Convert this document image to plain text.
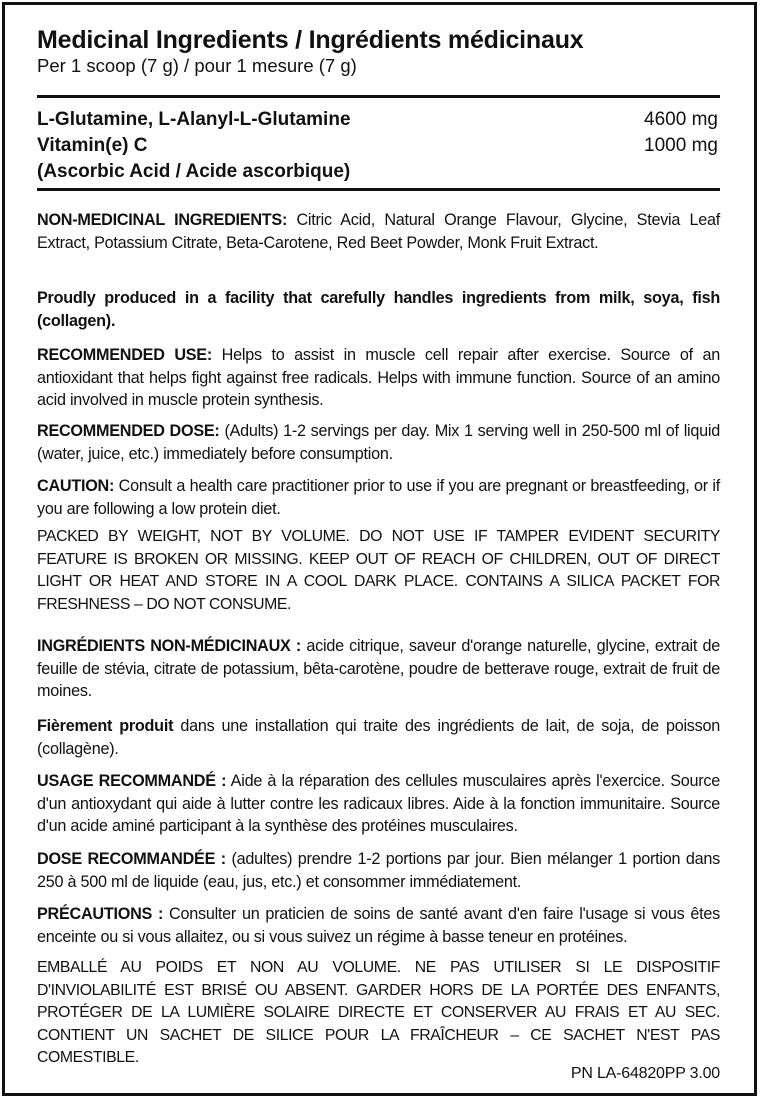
Medicinal Ingredients / Ingrédients médicinaux
Per 1 scoop (7 g) / pour 1 mesure (7 g)
L-Glutamine, L-Alanyl-L-Glutamine	4600 mg
Vitamin(e) C	1000 mg
(Ascorbic Acid / Acide ascorbique)

NON-MEDICINAL INGREDIENTS: Citric Acid, Natural Orange Flavour, Glycine, Stevia Leaf Extract, Potassium Citrate, Beta-Carotene, Red Beet Powder, Monk Fruit Extract.

Proudly produced in a facility that carefully handles ingredients from milk, soya, fish (collagen).

RECOMMENDED USE: Helps to assist in muscle cell repair after exercise. Source of an antioxidant that helps fight against free radicals. Helps with immune function. Source of an amino acid involved in muscle protein synthesis.

RECOMMENDED DOSE: (Adults) 1-2 servings per day. Mix 1 serving well in 250-500 ml of liquid (water, juice, etc.) immediately before consumption.

CAUTION: Consult a health care practitioner prior to use if you are pregnant or breastfeeding, or if you are following a low protein diet.

PACKED BY WEIGHT, NOT BY VOLUME. DO NOT USE IF TAMPER EVIDENT SECURITY FEATURE IS BROKEN OR MISSING. KEEP OUT OF REACH OF CHILDREN, OUT OF DIRECT LIGHT OR HEAT AND STORE IN A COOL DARK PLACE. CONTAINS A SILICA PACKET FOR FRESHNESS – DO NOT CONSUME.

INGRÉDIENTS NON-MÉDICINAUX : acide citrique, saveur d'orange naturelle, glycine, extrait de feuille de stévia, citrate de potassium, bêta-carotène, poudre de betterave rouge, extrait de fruit de moines.

Fièrement produit dans une installation qui traite des ingrédients de lait, de soja, de poisson (collagène).

USAGE RECOMMANDÉ : Aide à la réparation des cellules musculaires après l'exercice. Source d'un antioxydant qui aide à lutter contre les radicaux libres. Aide à la fonction immunitaire. Source d'un acide aminé participant à la synthèse des protéines musculaires.

DOSE RECOMMANDÉE : (adultes) prendre 1-2 portions par jour. Bien mélanger 1 portion dans 250 à 500 ml de liquide (eau, jus, etc.) et consommer immédiatement.

PRÉCAUTIONS : Consulter un praticien de soins de santé avant d'en faire l'usage si vous êtes enceinte ou si vous allaitez, ou si vous suivez un régime à basse teneur en protéines.

EMBALLÉ AU POIDS ET NON AU VOLUME. NE PAS UTILISER SI LE DISPOSITIF D'INVIOLABILITÉ EST BRISÉ OU ABSENT. GARDER HORS DE LA PORTÉE DES ENFANTS, PROTÉGER DE LA LUMIÈRE SOLAIRE DIRECTE ET CONSERVER AU FRAIS ET AU SEC. CONTIENT UN SACHET DE SILICE POUR LA FRAÎCHEUR – CE SACHET N'EST PAS COMESTIBLE.

PN LA-64820PP 3.00
